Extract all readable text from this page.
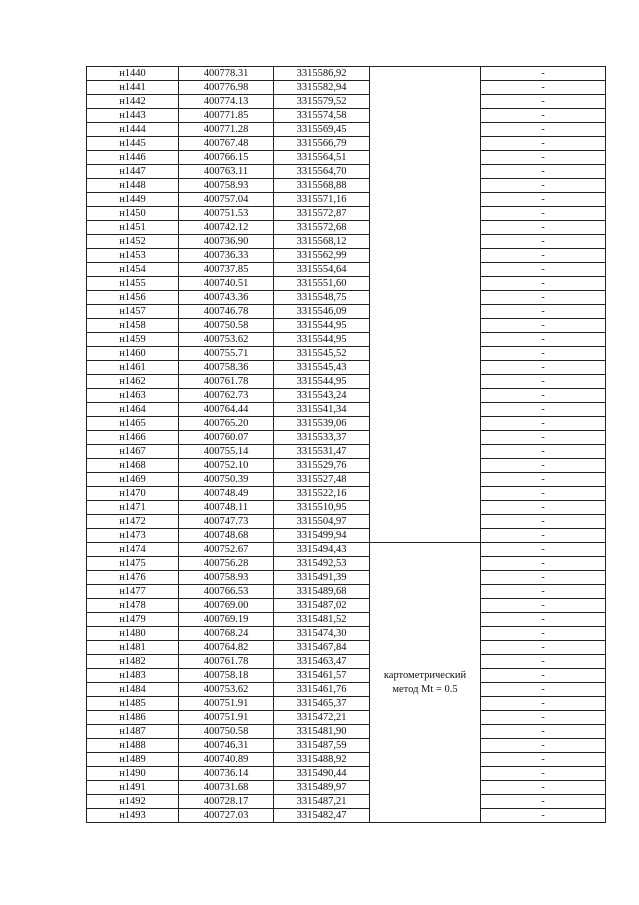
н1440	400778.31	3315586,92		-
н1441	400776.98	3315582,94		-
н1442	400774.13	3315579,52		-
н1443	400771.85	3315574,58		-
н1444	400771.28	3315569,45		-
н1445	400767.48	3315566,79		-
н1446	400766.15	3315564,51		-
н1447	400763.11	3315564,70		-
н1448	400758.93	3315568,88		-
н1449	400757.04	3315571,16		-
н1450	400751.53	3315572,87		-
н1451	400742.12	3315572,68		-
н1452	400736.90	3315568,12		-
н1453	400736.33	3315562,99		-
н1454	400737.85	3315554,64		-
н1455	400740.51	3315551,60		-
н1456	400743.36	3315548,75		-
н1457	400746.78	3315546,09		-
н1458	400750.58	3315544,95		-
н1459	400753.62	3315544,95		-
н1460	400755.71	3315545,52		-
н1461	400758.36	3315545,43		-
н1462	400761.78	3315544,95		-
н1463	400762.73	3315543,24		-
н1464	400764.44	3315541,34		-
н1465	400765.20	3315539,06		-
н1466	400760.07	3315533,37		-
н1467	400755.14	3315531,47		-
н1468	400752.10	3315529,76		-
н1469	400750.39	3315527,48		-
н1470	400748.49	3315522,16		-
н1471	400748.11	3315510,95		-
н1472	400747.73	3315504,97		-
н1473	400748.68	3315499,94		-
н1474	400752.67	3315494,43	картометрический метод Mt = 0.5	-
н1475	400756.28	3315492,53		-
н1476	400758.93	3315491,39		-
н1477	400766.53	3315489,68		-
н1478	400769.00	3315487,02		-
н1479	400769.19	3315481,52		-
н1480	400768.24	3315474,30		-
н1481	400764.82	3315467,84		-
н1482	400761.78	3315463,47		-
н1483	400758.18	3315461,57		-
н1484	400753.62	3315461,76		-
н1485	400751.91	3315465,37		-
н1486	400751.91	3315472,21		-
н1487	400750.58	3315481,90		-
н1488	400746.31	3315487,59		-
н1489	400740.89	3315488,92		-
н1490	400736.14	3315490,44		-
н1491	400731.68	3315489,97		-
н1492	400728.17	3315487,21		-
н1493	400727.03	3315482,47		-
